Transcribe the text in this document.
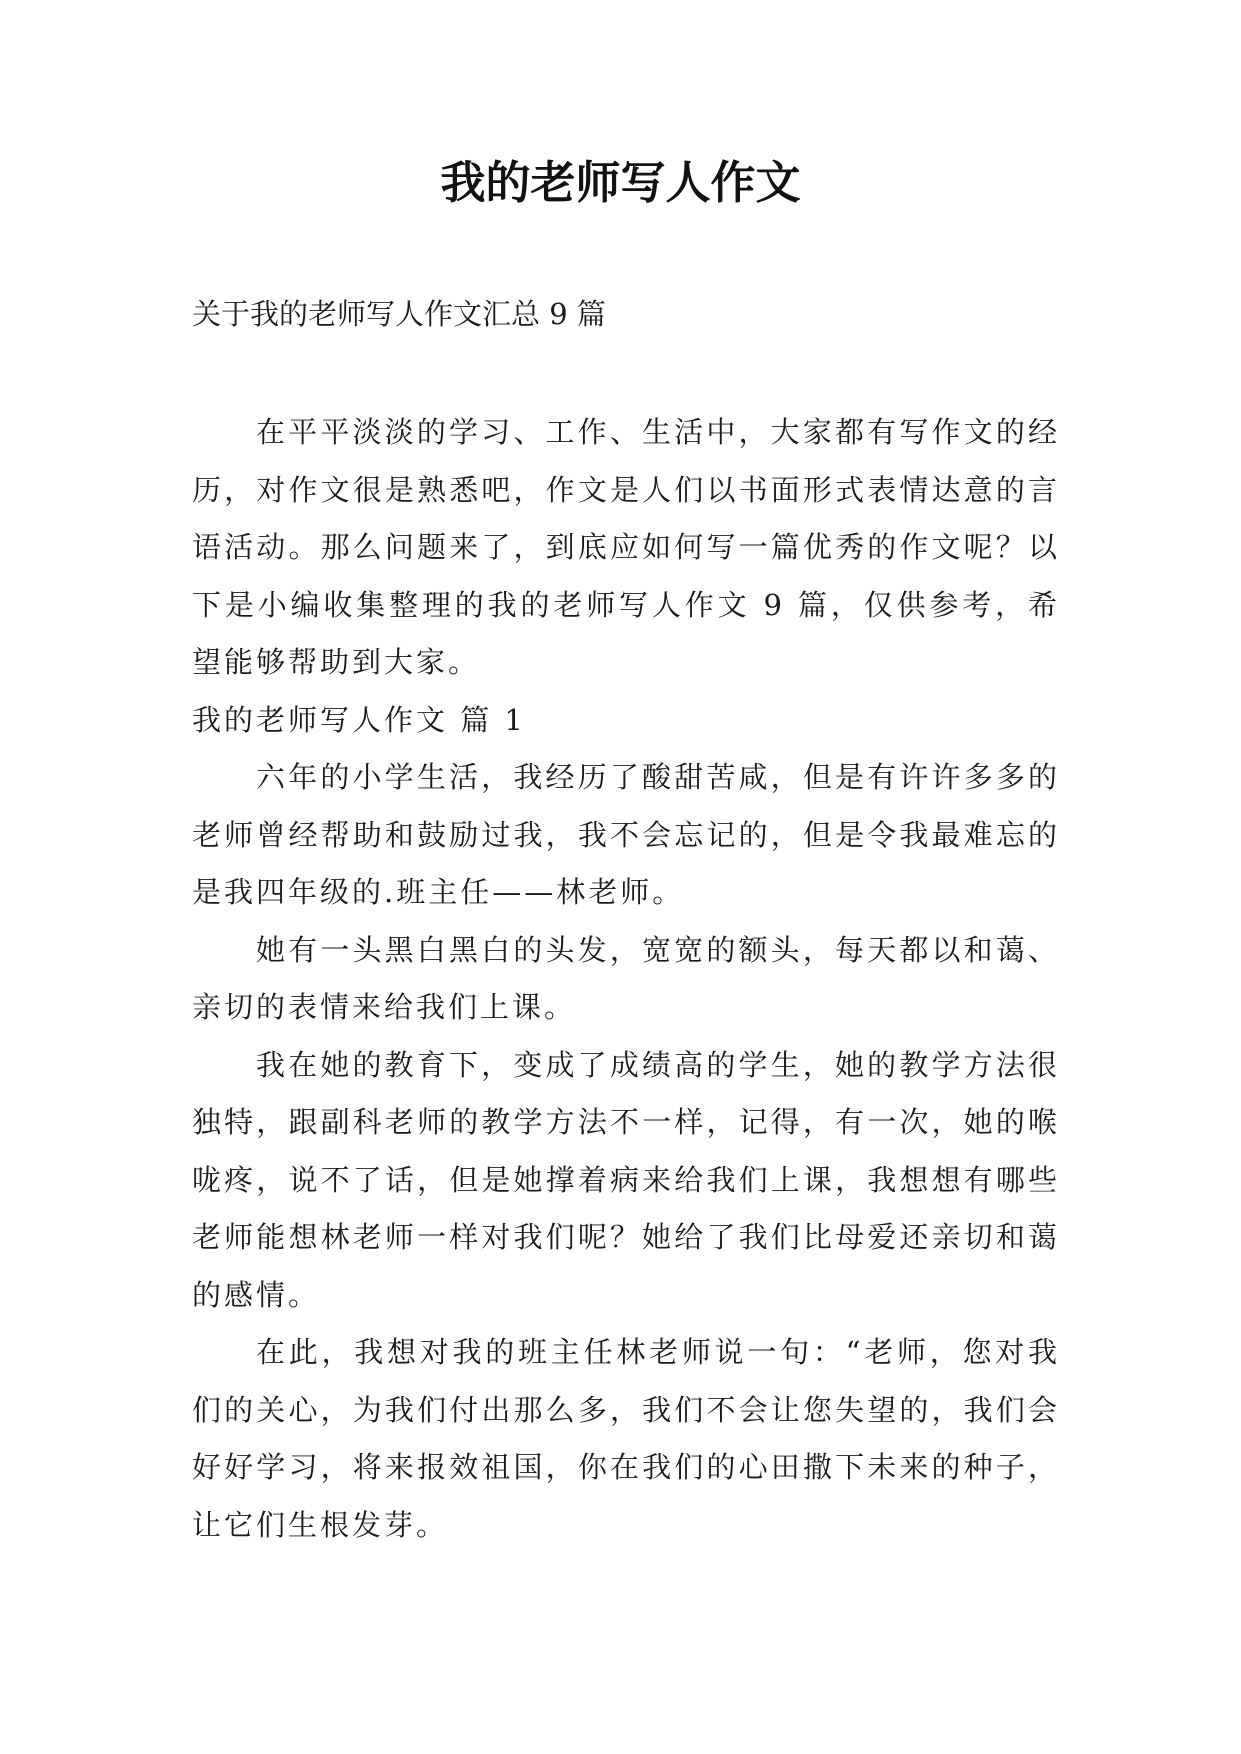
我的老师写人作文

关于我的老师写人作文汇总 9 篇

在平平淡淡的学习、工作、生活中，大家都有写作文的经历，对作文很是熟悉吧，作文是人们以书面形式表情达意的言语活动。那么问题来了，到底应如何写一篇优秀的作文呢？以下是小编收集整理的我的老师写人作文 9 篇，仅供参考，希望能够帮助到大家。

我的老师写人作文 篇 1

六年的小学生活，我经历了酸甜苦咸，但是有许许多多的老师曾经帮助和鼓励过我，我不会忘记的，但是令我最难忘的是我四年级的.班主任——林老师。

她有一头黑白黑白的头发，宽宽的额头，每天都以和蔼、亲切的表情来给我们上课。

我在她的教育下，变成了成绩高的学生，她的教学方法很独特，跟副科老师的教学方法不一样，记得，有一次，她的喉咙疼，说不了话，但是她撑着病来给我们上课，我想想有哪些老师能想林老师一样对我们呢？她给了我们比母爱还亲切和蔼的感情。

在此，我想对我的班主任林老师说一句：“老师，您对我们的关心，为我们付出那么多，我们不会让您失望的，我们会好好学习，将来报效祖国，你在我们的心田撒下未来的种子，让它们生根发芽。
